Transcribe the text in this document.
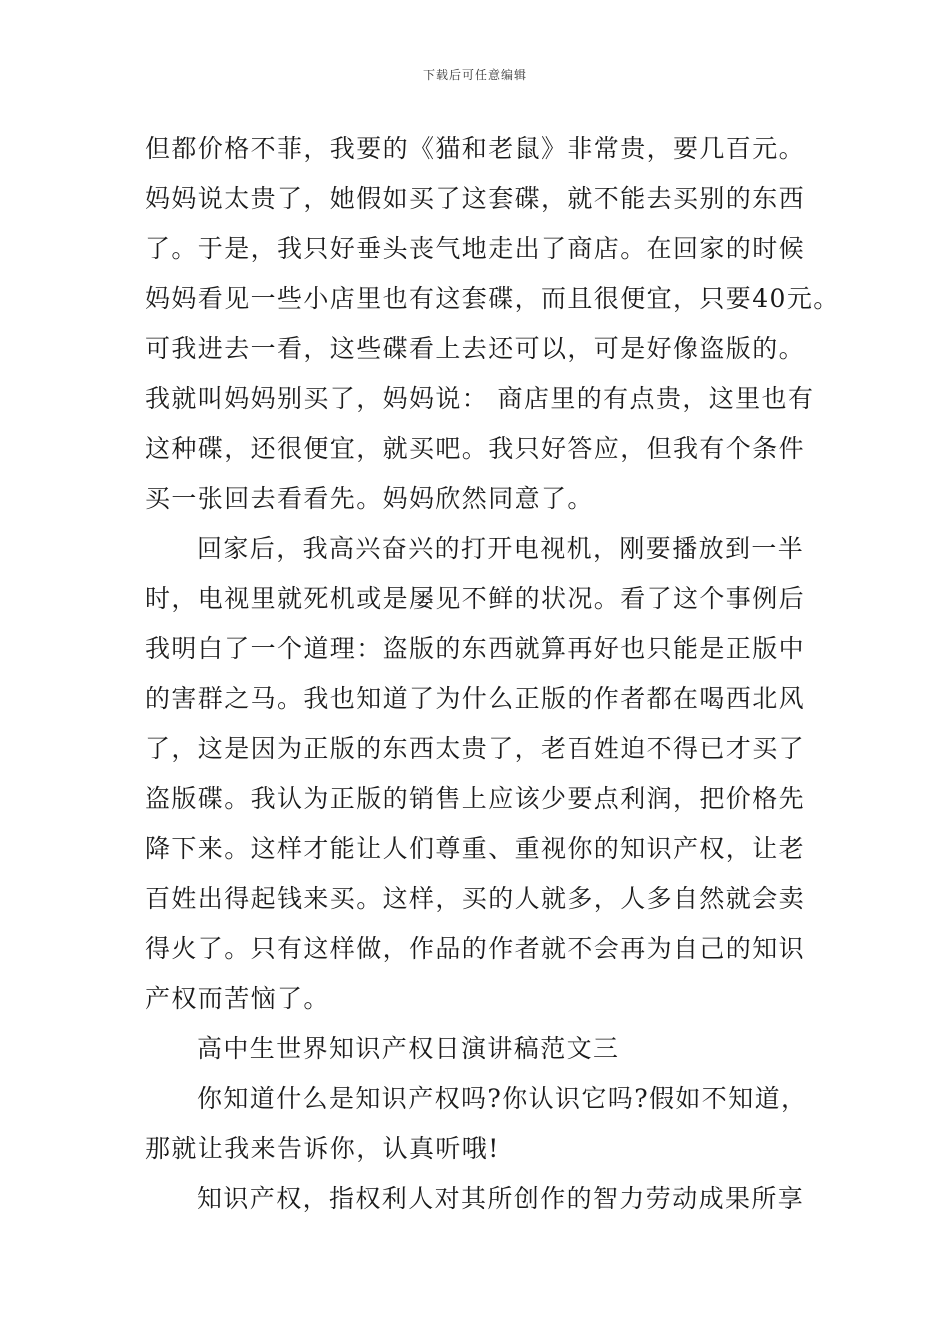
下载后可任意编辑
但都价格不菲，我要的《猫和老鼠》非常贵，要几百元。
妈妈说太贵了，她假如买了这套碟，就不能去买别的东西
了。于是，我只好垂头丧气地走出了商店。在回家的时候
妈妈看见一些小店里也有这套碟，而且很便宜，只要40元。
可我进去一看，这些碟看上去还可以，可是好像盗版的。
我就叫妈妈别买了，妈妈说： 商店里的有点贵，这里也有
这种碟，还很便宜，就买吧。我只好答应，但我有个条件
买一张回去看看先。妈妈欣然同意了。
回家后，我高兴奋兴的打开电视机，刚要播放到一半
时，电视里就死机或是屡见不鲜的状况。看了这个事例后
我明白了一个道理：盗版的东西就算再好也只能是正版中
的害群之马。我也知道了为什么正版的作者都在喝西北风
了，这是因为正版的东西太贵了，老百姓迫不得已才买了
盗版碟。我认为正版的销售上应该少要点利润，把价格先
降下来。这样才能让人们尊重、重视你的知识产权，让老
百姓出得起钱来买。这样，买的人就多，人多自然就会卖
得火了。只有这样做，作品的作者就不会再为自己的知识
产权而苦恼了。
高中生世界知识产权日演讲稿范文三
你知道什么是知识产权吗?你认识它吗?假如不知道，
那就让我来告诉你，认真听哦!
知识产权，指权利人对其所创作的智力劳动成果所享
